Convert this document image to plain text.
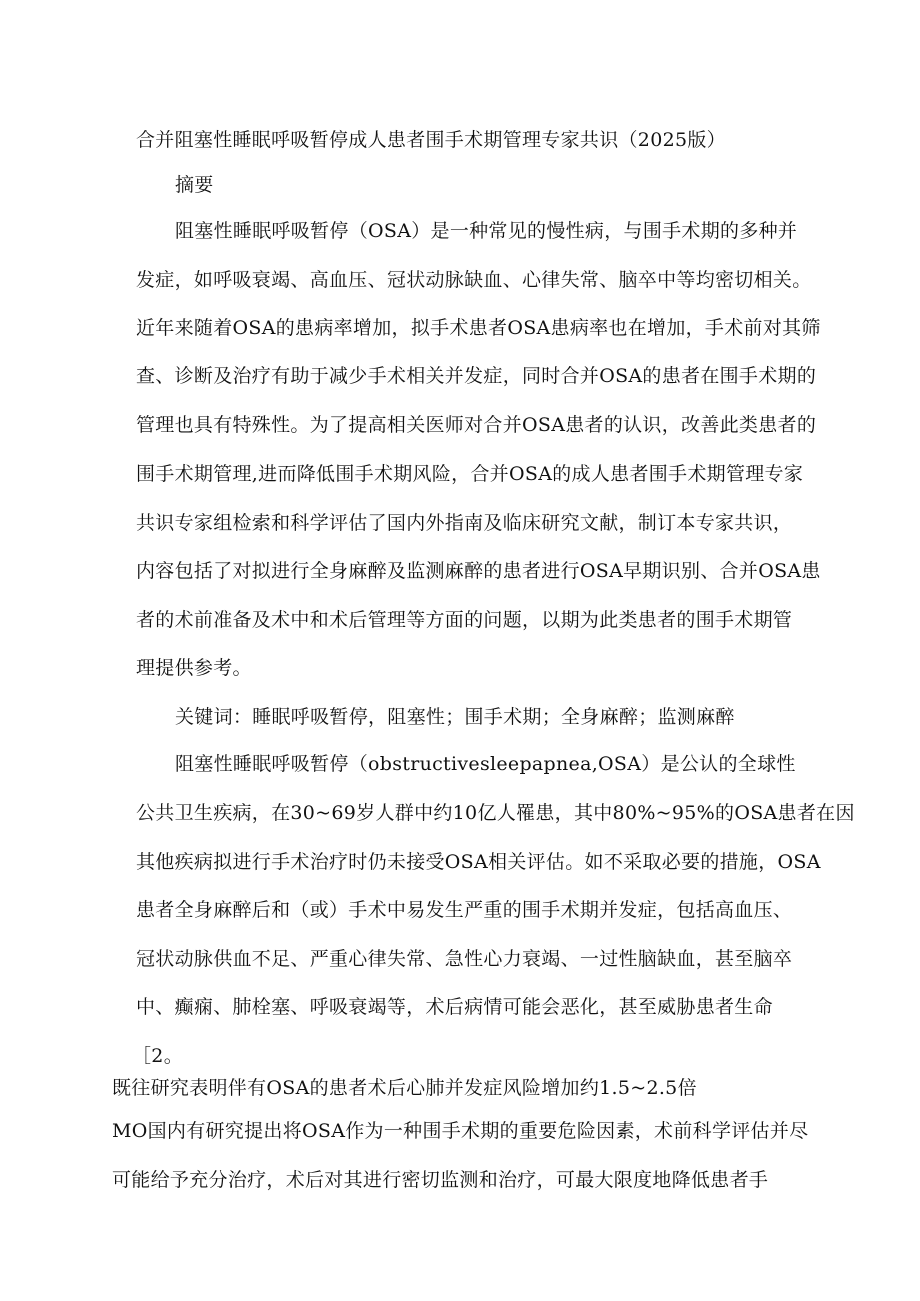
合并阻塞性睡眠呼吸暂停成人患者围手术期管理专家共识（2025版）
摘要
阻塞性睡眠呼吸暂停（OSA）是一种常见的慢性病，与围手术期的多种并
发症，如呼吸衰竭、高血压、冠状动脉缺血、心律失常、脑卒中等均密切相关。
近年来随着OSA的患病率增加，拟手术患者OSA患病率也在增加，手术前对其筛
查、诊断及治疗有助于减少手术相关并发症，同时合并OSA的患者在围手术期的
管理也具有特殊性。为了提高相关医师对合并OSA患者的认识，改善此类患者的
围手术期管理,进而降低围手术期风险，合并OSA的成人患者围手术期管理专家
共识专家组检索和科学评估了国内外指南及临床研究文献，制订本专家共识，
内容包括了对拟进行全身麻醉及监测麻醉的患者进行OSA早期识别、合并OSA患
者的术前准备及术中和术后管理等方面的问题，以期为此类患者的围手术期管
理提供参考。
关键词：睡眠呼吸暂停，阻塞性；围手术期；全身麻醉；监测麻醉
阻塞性睡眠呼吸暂停（obstructivesleepapnea,OSA）是公认的全球性
公共卫生疾病，在30~69岁人群中约10亿人罹患，其中80%~95%的OSA患者在因
其他疾病拟进行手术治疗时仍未接受OSA相关评估。如不采取必要的措施，OSA
患者全身麻醉后和（或）手术中易发生严重的围手术期并发症，包括高血压、
冠状动脉供血不足、严重心律失常、急性心力衰竭、一过性脑缺血，甚至脑卒
中、癫痫、肺栓塞、呼吸衰竭等，术后病情可能会恶化，甚至威胁患者生命
［2。
既往研究表明伴有OSA的患者术后心肺并发症风险增加约1.5~2.5倍
MO国内有研究提出将OSA作为一种围手术期的重要危险因素，术前科学评估并尽
可能给予充分治疗，术后对其进行密切监测和治疗，可最大限度地降低患者手
